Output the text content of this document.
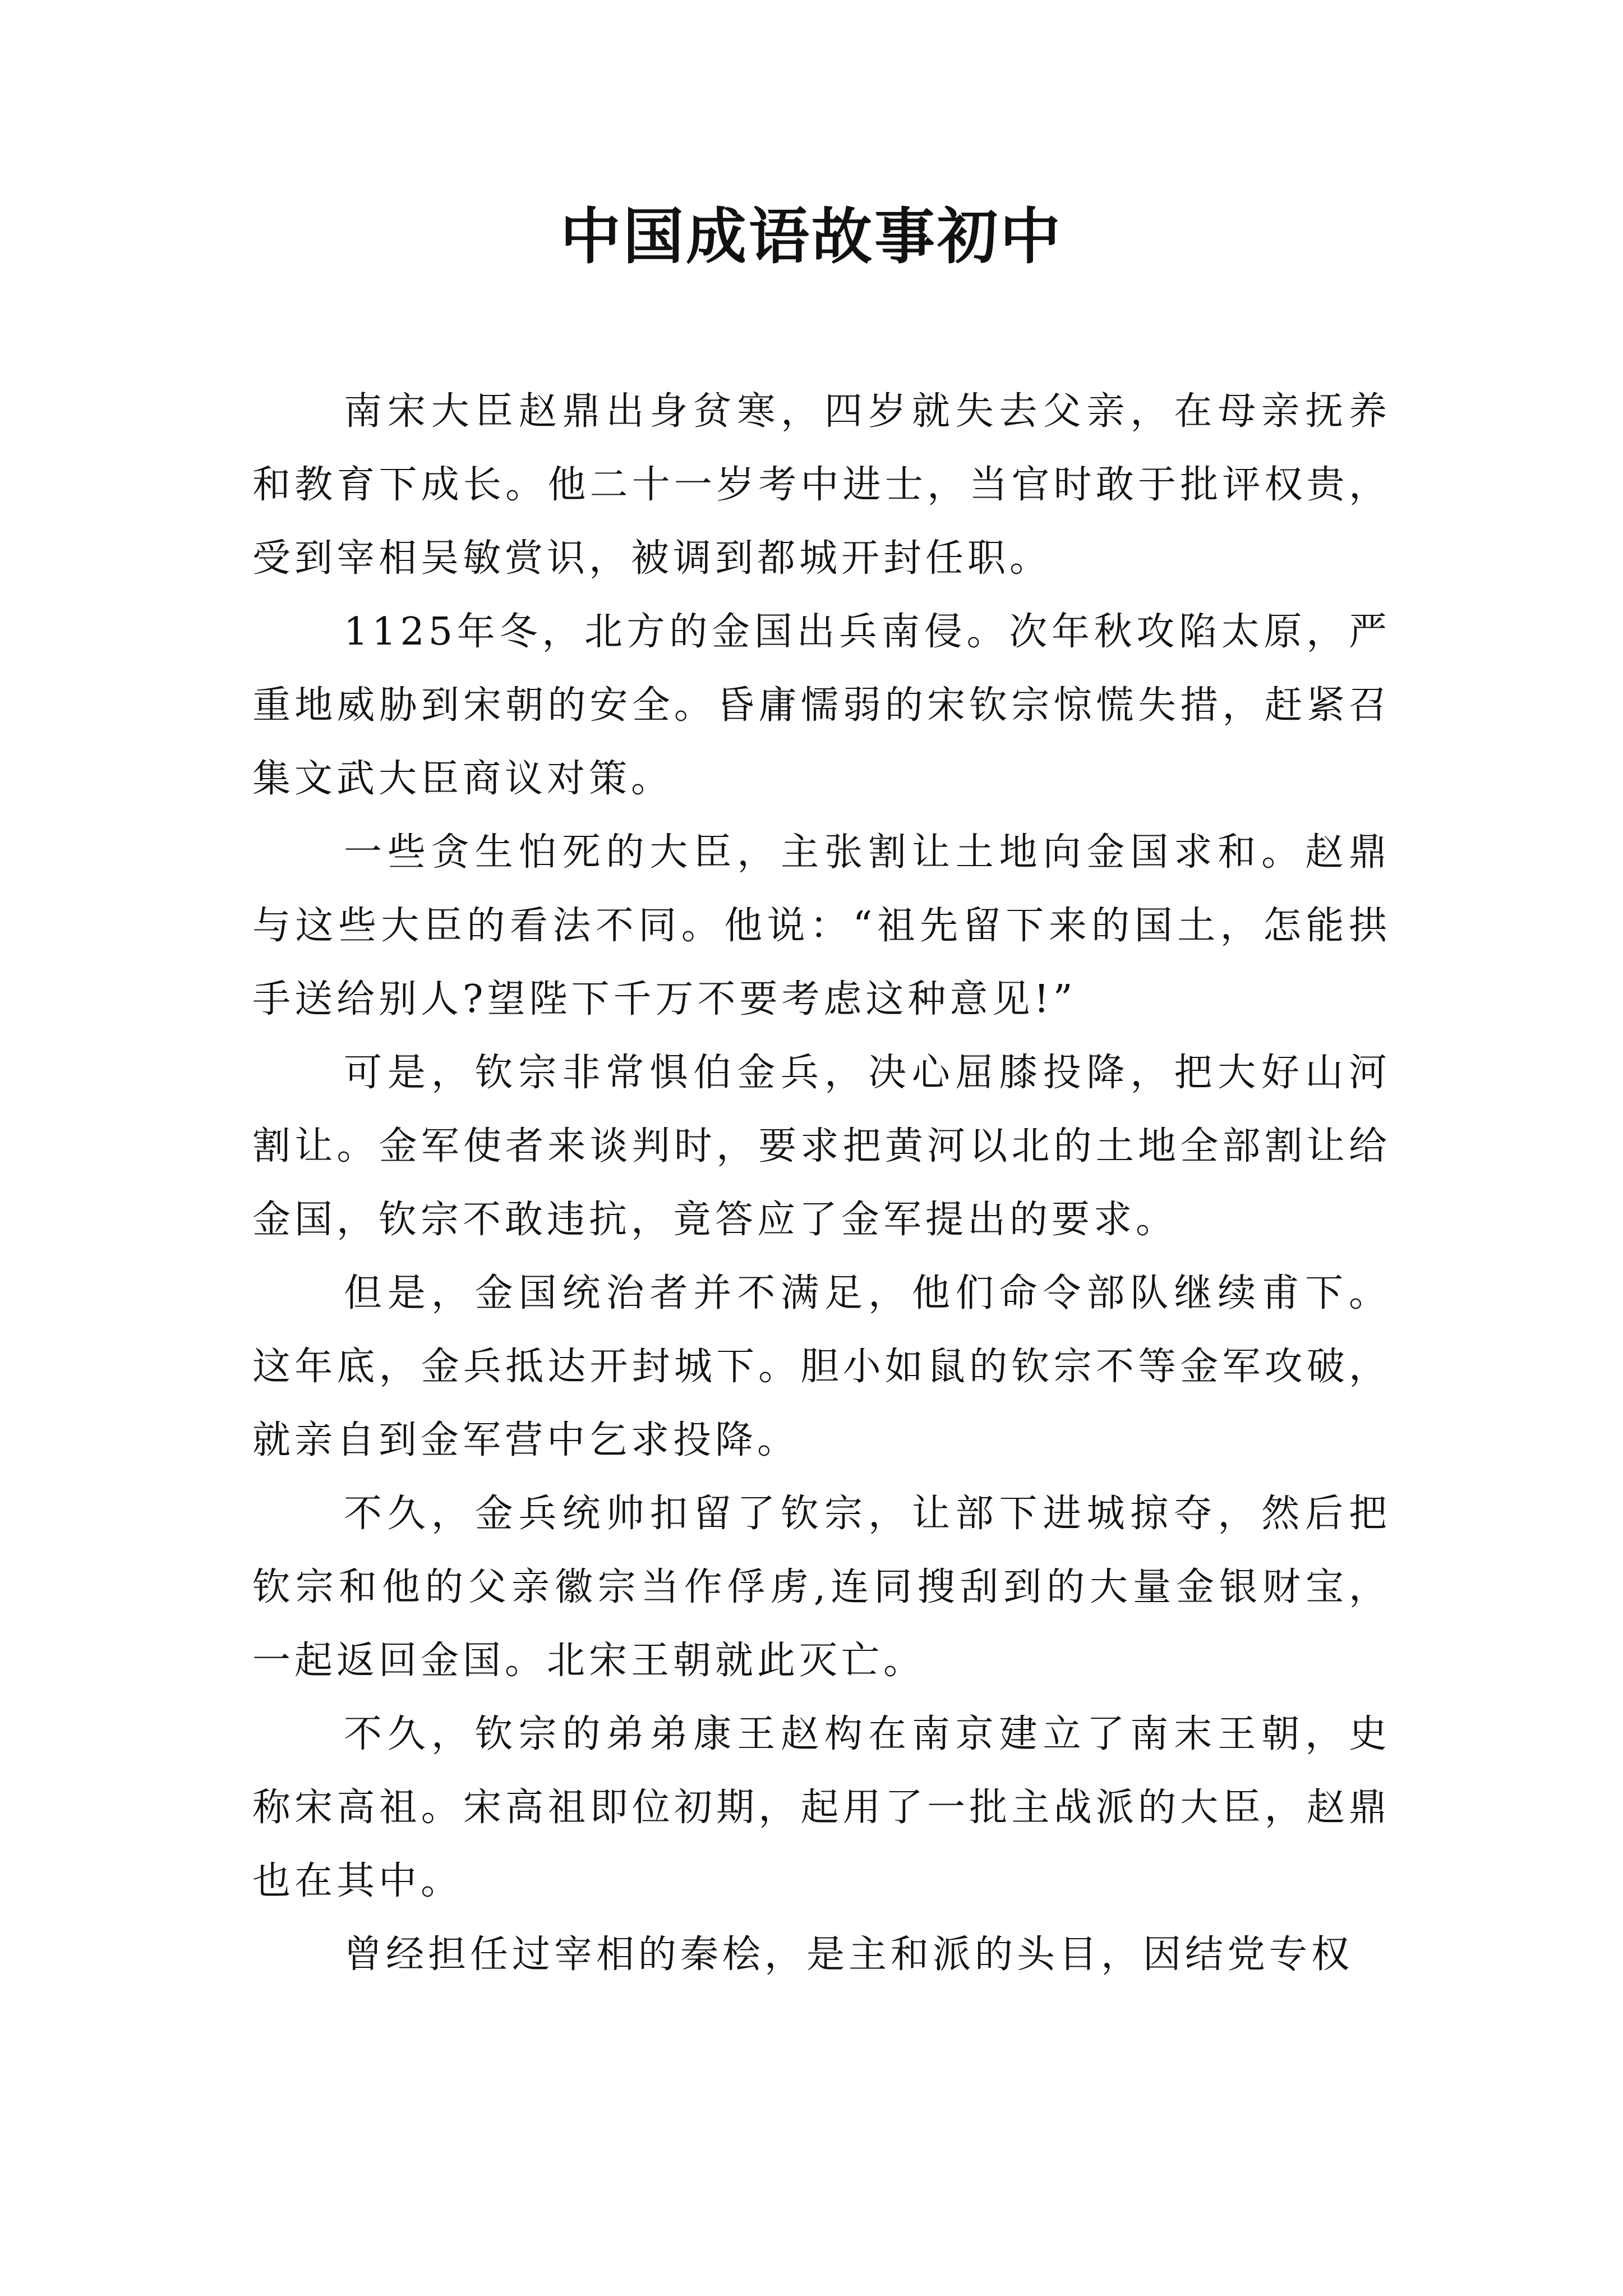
中国成语故事初中

南宋大臣赵鼎出身贫寒，四岁就失去父亲，在母亲抚养和教育下成长。他二十一岁考中进士，当官时敢于批评权贵，受到宰相吴敏赏识，被调到都城开封任职。

1125年冬，北方的金国出兵南侵。次年秋攻陷太原，严重地威胁到宋朝的安全。昏庸懦弱的宋钦宗惊慌失措，赶紧召集文武大臣商议对策。

一些贪生怕死的大臣，主张割让土地向金国求和。赵鼎与这些大臣的看法不同。他说：“祖先留下来的国土，怎能拱手送给别人?望陛下千万不要考虑这种意见!”

可是，钦宗非常惧伯金兵，决心屈膝投降，把大好山河割让。金军使者来谈判时，要求把黄河以北的土地全部割让给金国，钦宗不敢违抗，竟答应了金军提出的要求。

但是，金国统治者并不满足，他们命令部队继续甫下。这年底，金兵抵达开封城下。胆小如鼠的钦宗不等金军攻破，就亲自到金军营中乞求投降。

不久，金兵统帅扣留了钦宗，让部下进城掠夺，然后把钦宗和他的父亲徽宗当作俘虏,连同搜刮到的大量金银财宝，一起返回金国。北宋王朝就此灭亡。

不久，钦宗的弟弟康王赵构在南京建立了南末王朝，史称宋高祖。宋高祖即位初期，起用了一批主战派的大臣，赵鼎也在其中。

曾经担任过宰相的秦桧，是主和派的头目，因结党专权
